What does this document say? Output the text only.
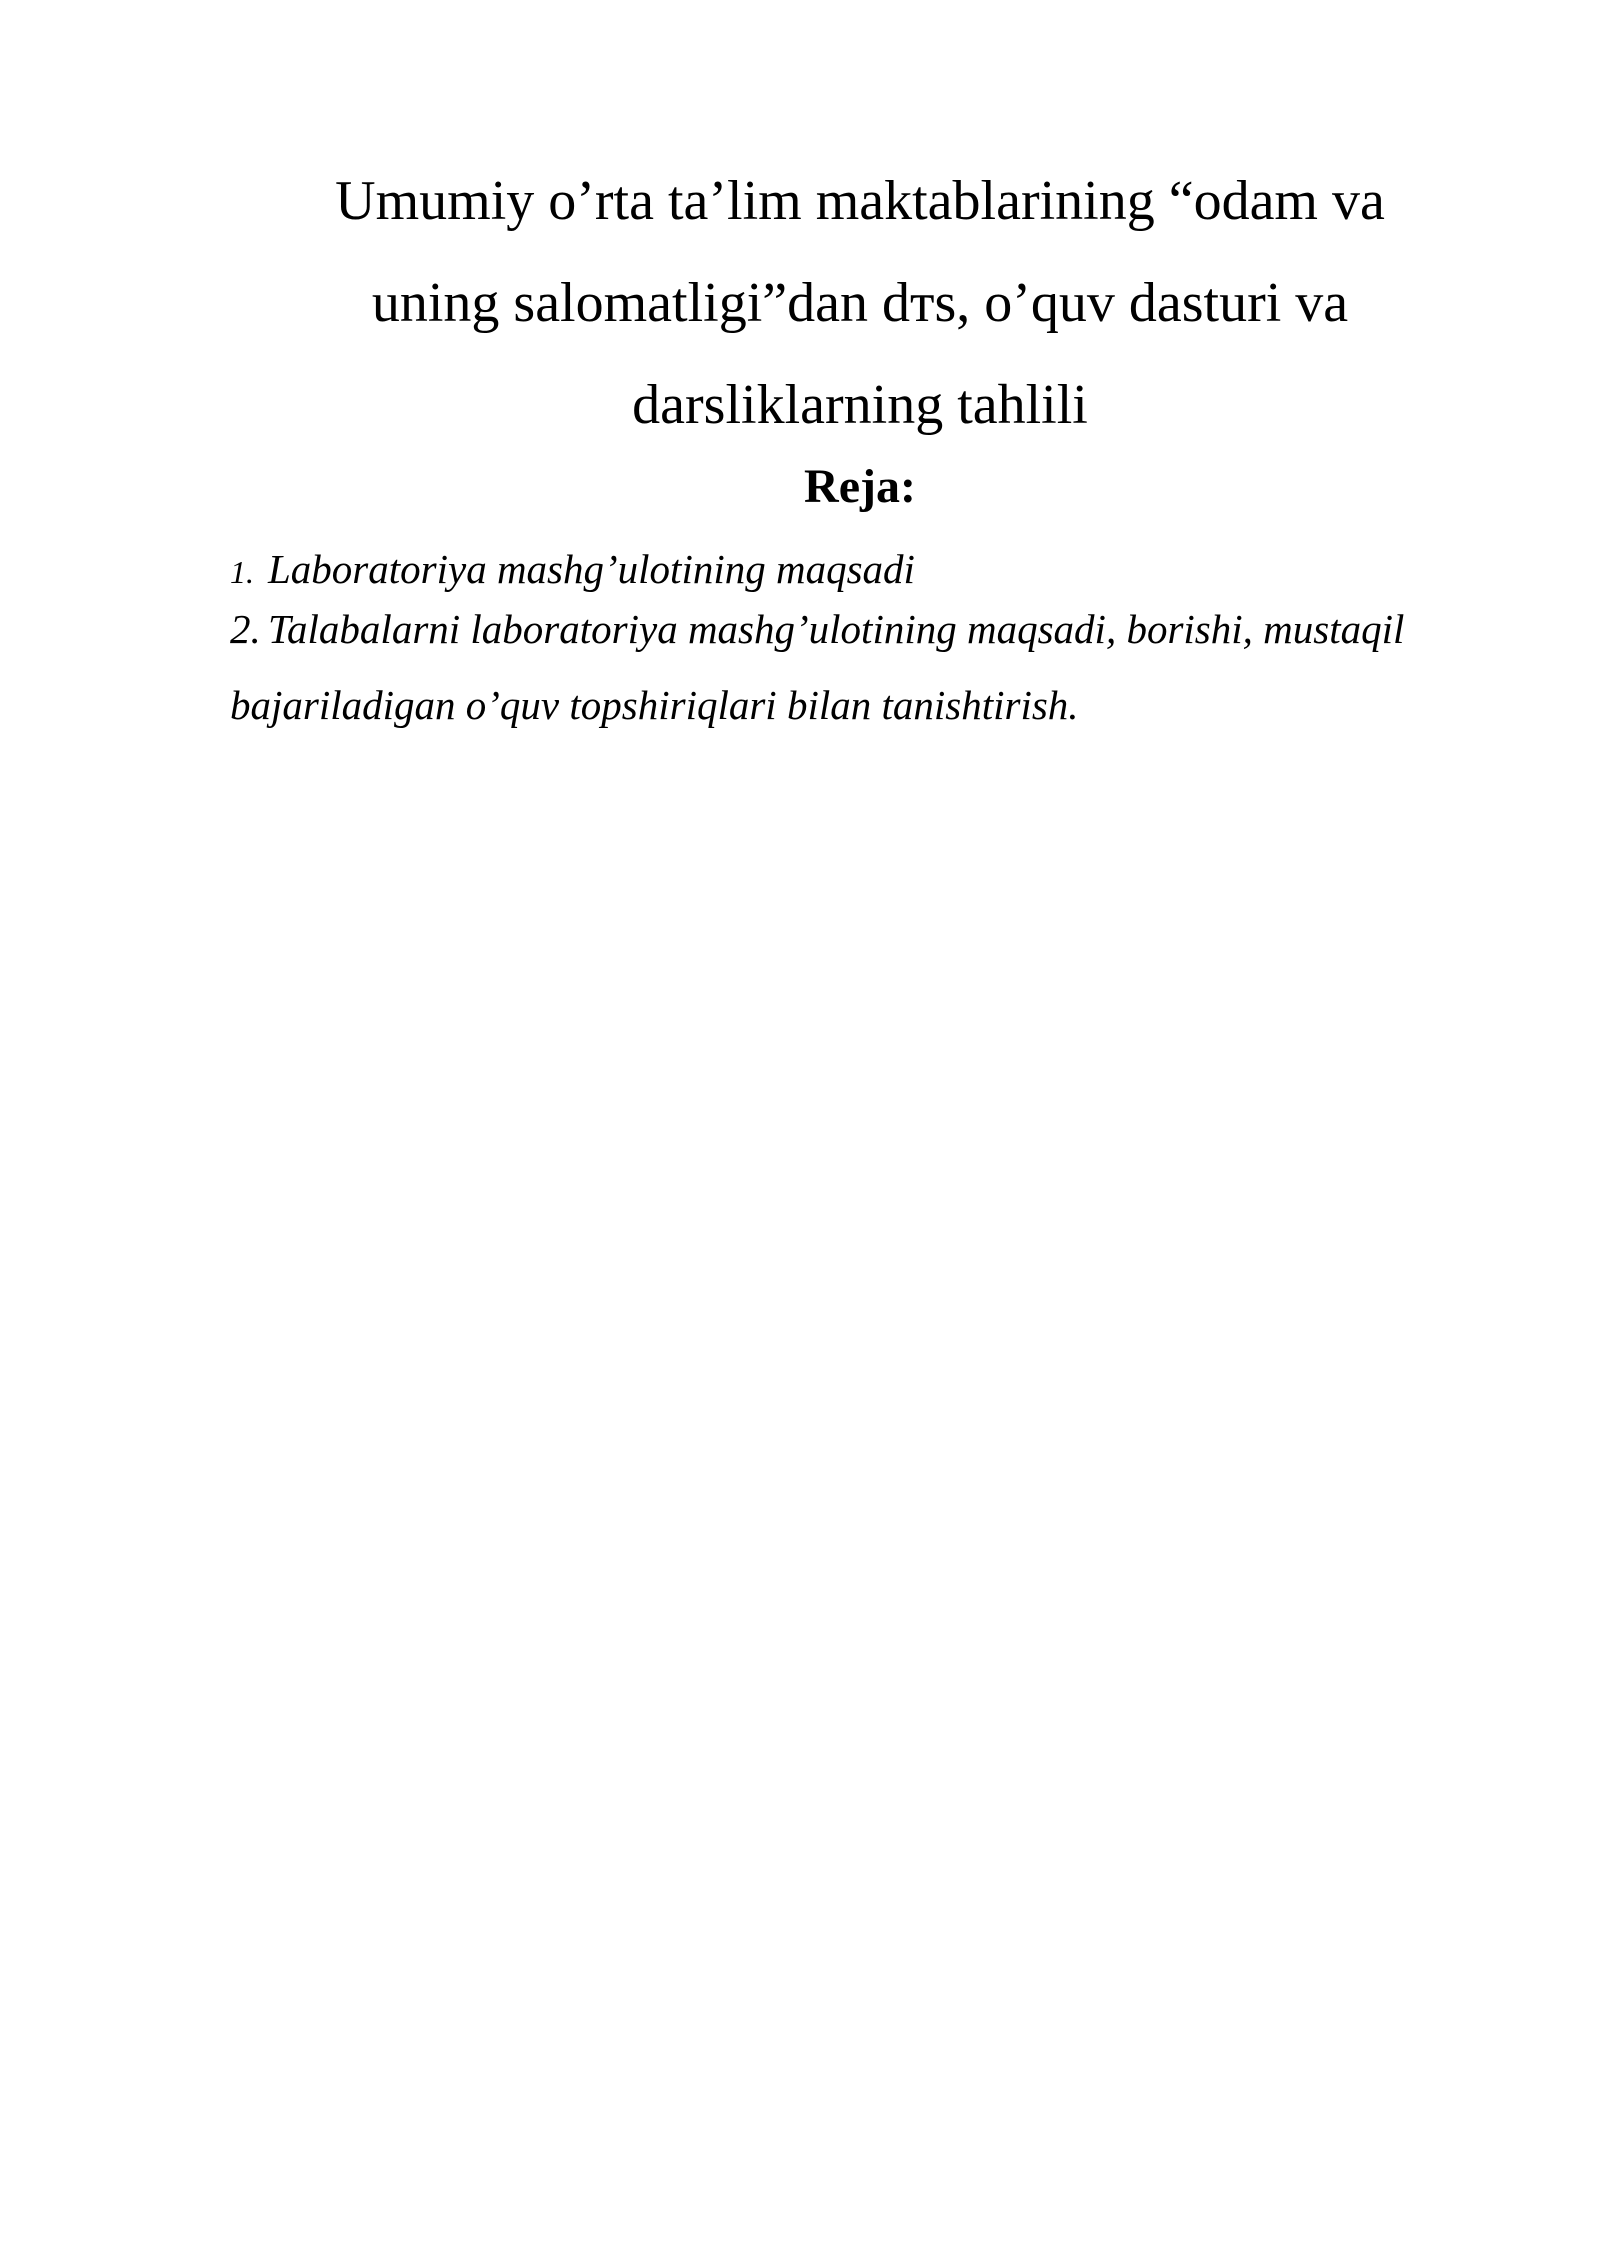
Umumiy o’rta ta’lim maktablarining “odam va
uning salomatligi”dan dтs, o’quv dasturi va
darsliklarning tahlili
Reja:
1. Laboratoriya mashg’ulotining maqsadi
2. Talabalarni laboratoriya mashg’ulotining maqsadi, borishi, mustaqil
bajariladigan o’quv topshiriqlari bilan tanishtirish.
